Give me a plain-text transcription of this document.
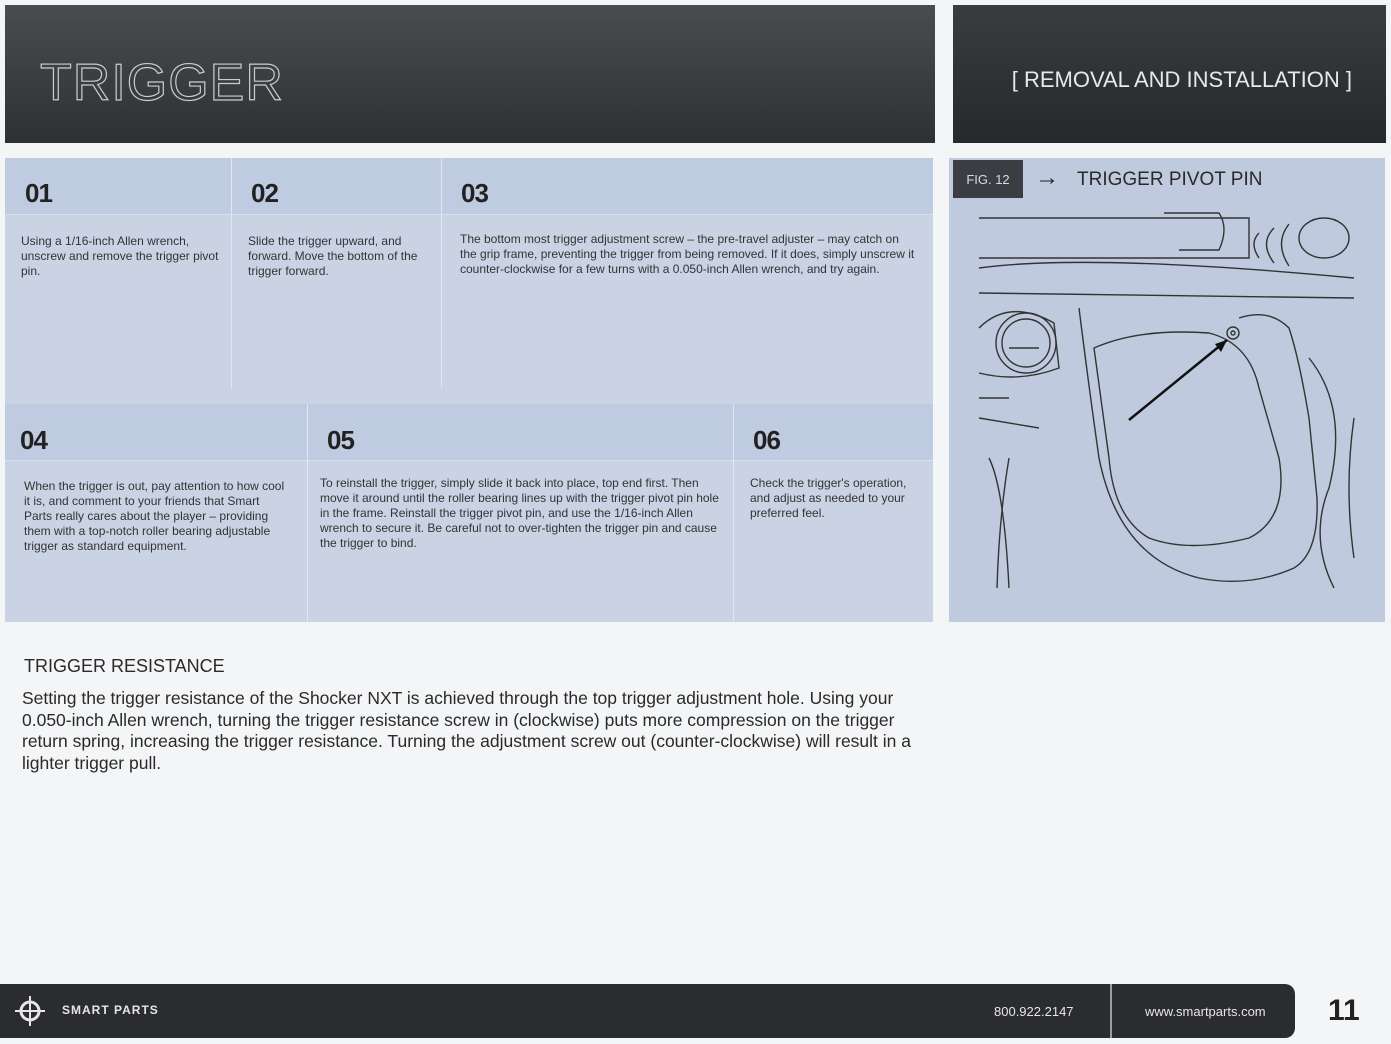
TRIGGER	[ REMOVAL AND INSTALLATION ]
01
Using a 1/16-inch Allen wrench, unscrew and remove the trigger pivot pin.
02
Slide the trigger upward, and forward. Move the bottom of the trigger forward.
03
The bottom most trigger adjustment screw – the pre-travel adjuster – may catch on the grip frame, preventing the trigger from being removed. If it does, simply unscrew it counter-clockwise for a few turns with a 0.050-inch Allen wrench, and try again.
04
When the trigger is out, pay attention to how cool it is, and comment to your friends that Smart Parts really cares about the player – providing them with a top-notch roller bearing adjustable trigger as standard equipment.
05
To reinstall the trigger, simply slide it back into place, top end first. Then move it around until the roller bearing lines up with the trigger pivot pin hole in the frame. Reinstall the trigger pivot pin, and use the 1/16-inch Allen wrench to secure it. Be careful not to over-tighten the trigger pin and cause the trigger to bind.
06
Check the trigger's operation, and adjust as needed to your preferred feel.
FIG. 12	→ TRIGGER PIVOT PIN
TRIGGER RESISTANCE
Setting the trigger resistance of the Shocker NXT is achieved through the top trigger adjustment hole. Using your 0.050-inch Allen wrench, turning the trigger resistance screw in (clockwise) puts more compression on the trigger return spring, increasing the trigger resistance. Turning the adjustment screw out (counter-clockwise) will result in a lighter trigger pull.
SMART PARTS	800.922.2147	www.smartparts.com 11
